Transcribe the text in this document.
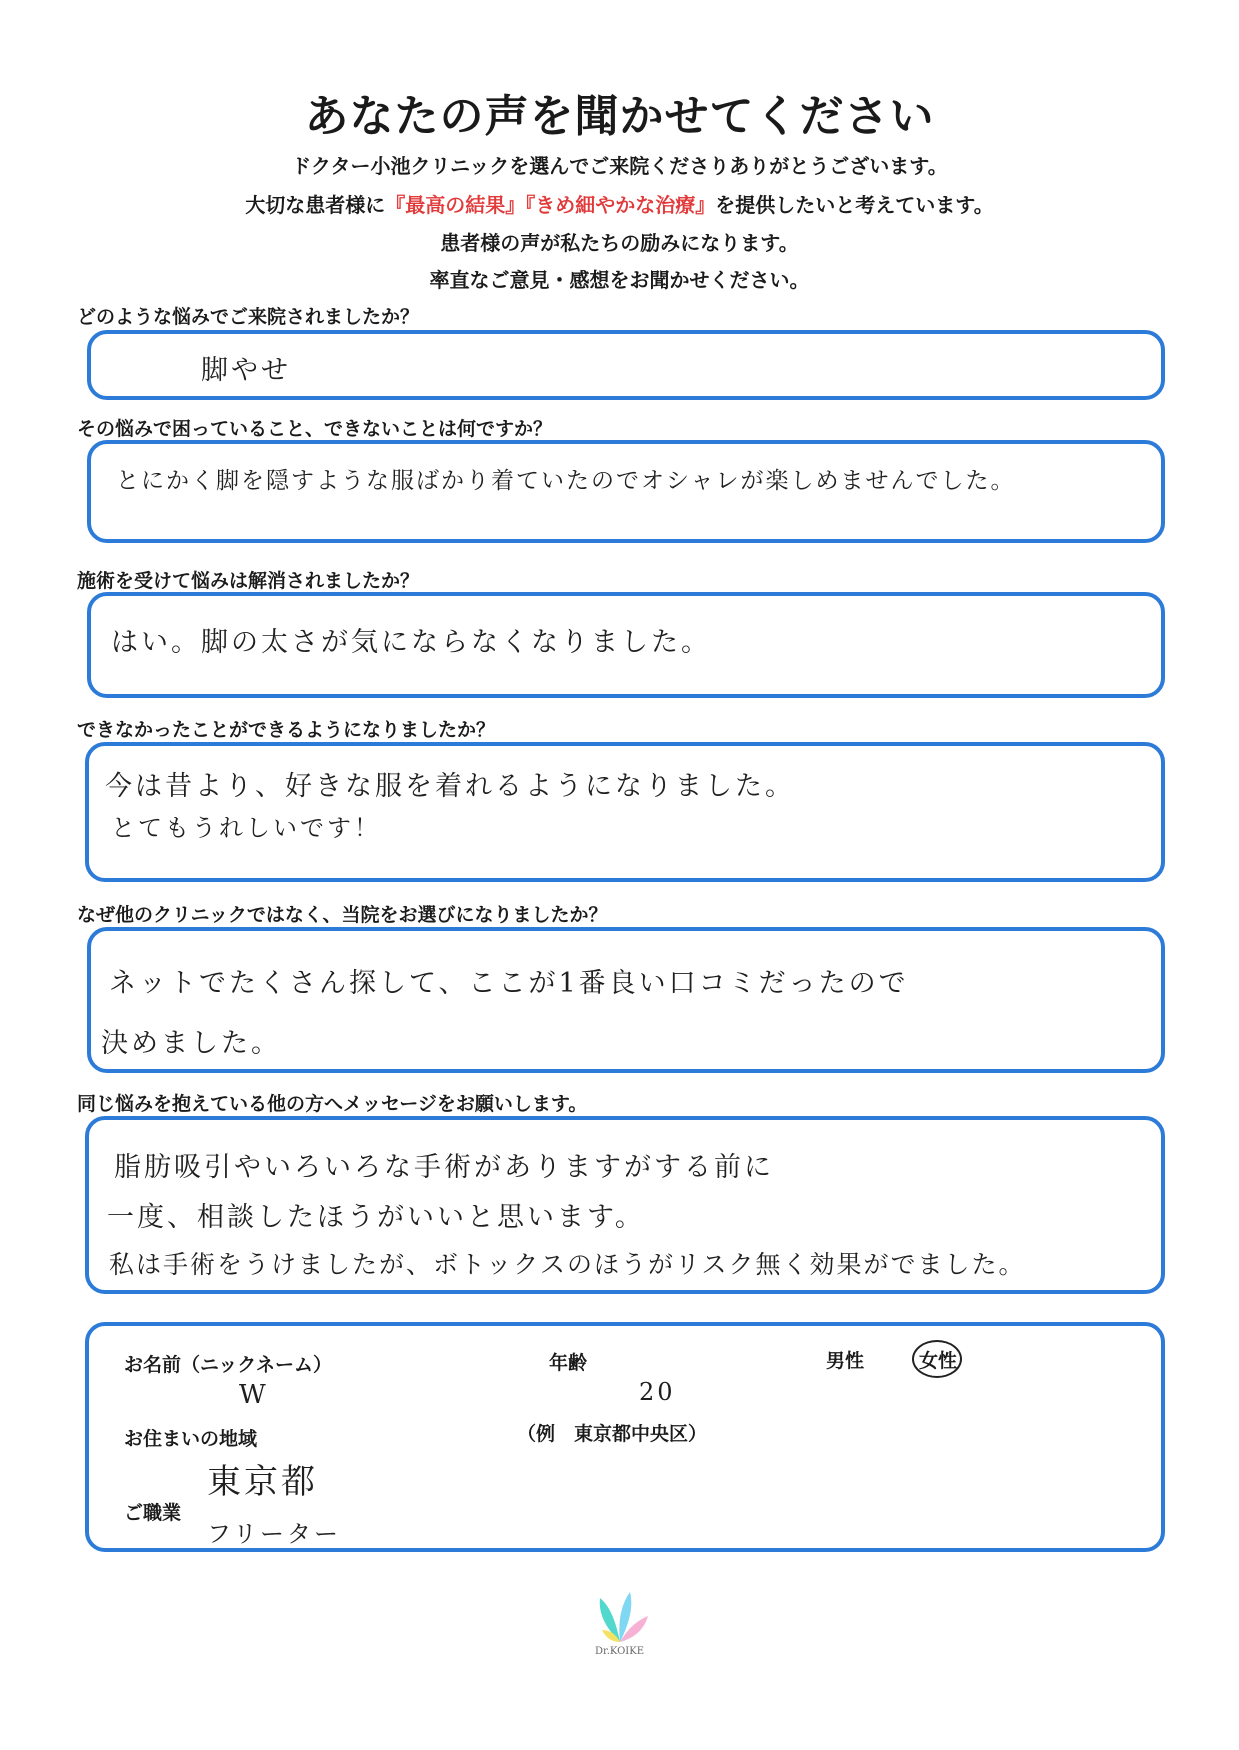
あなたの声を聞かせてください
ドクター小池クリニックを選んでご来院くださりありがとうございます。
大切な患者様に『最高の結果』『きめ細やかな治療』を提供したいと考えています。
患者様の声が私たちの励みになります。
率直なご意見・感想をお聞かせください。
どのような悩みでご来院されましたか？
脚やせ
その悩みで困っていること、できないことは何ですか？
とにかく脚を隠すような服ばかり着ていたのでオシャレが楽しめませんでした。
施術を受けて悩みは解消されましたか？
はい。脚の太さが気にならなくなりました。
できなかったことができるようになりましたか？
今は昔より、好きな服を着れるようになりました。
とてもうれしいです！
なぜ他のクリニックではなく、当院をお選びになりましたか？
ネットでたくさん探して、ここが1番良い口コミだったので
決めました。
同じ悩みを抱えている他の方へメッセージをお願いします。
脂肪吸引やいろいろな手術がありますがする前に
一度、相談したほうがいいと思います。
私は手術をうけましたが、ボトックスのほうがリスク無く効果がでました。
お名前（ニックネーム）
W
年齢
20
男性	女性
お住まいの地域	（例　東京都中央区）
東京都
ご職業
フリーター
Dr.KOIKE
